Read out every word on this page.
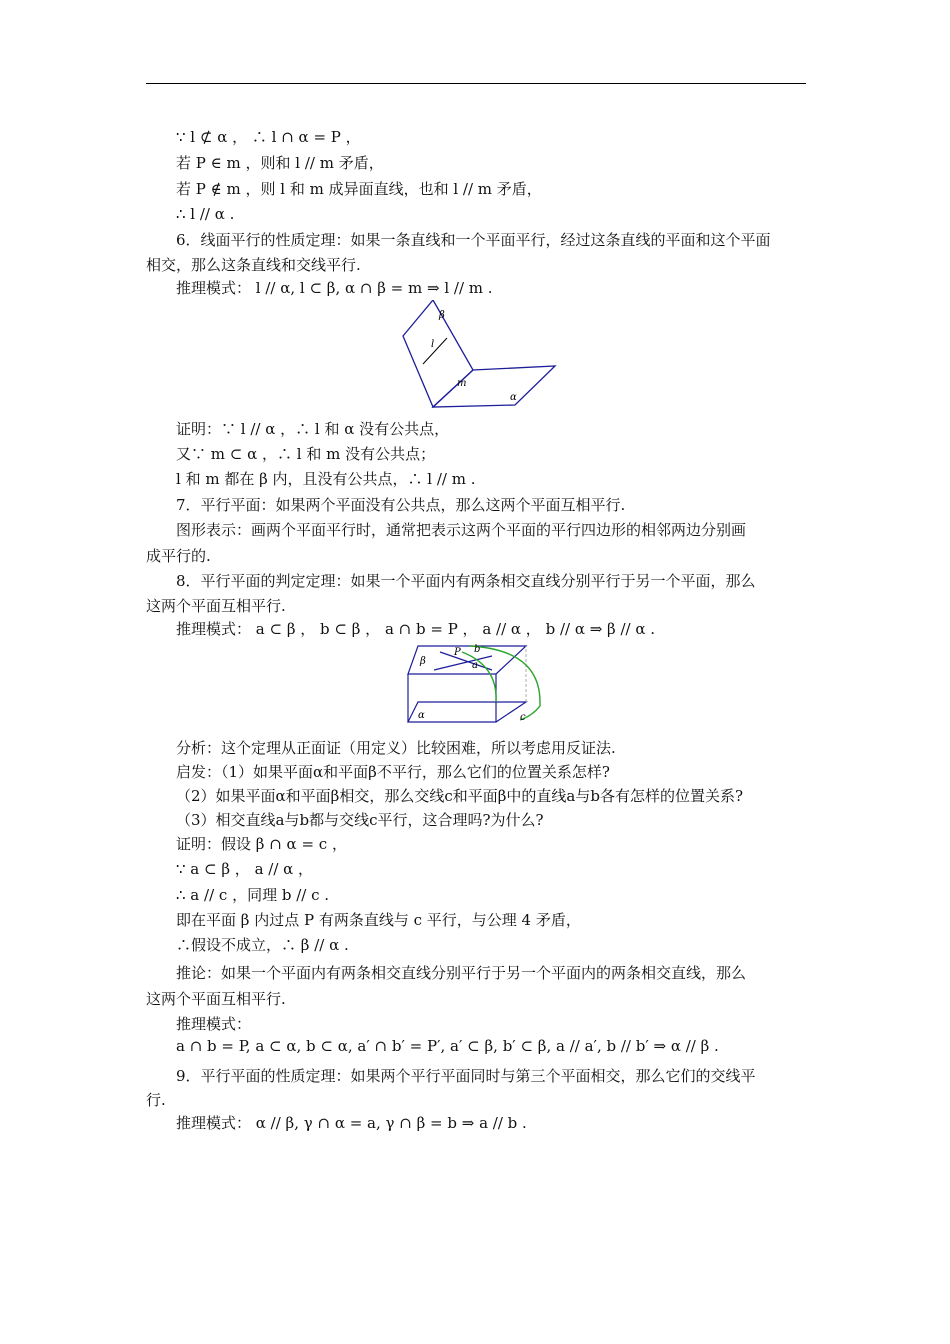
∵ l ⊄ α ， ∴ l ∩ α = P ，
若 P ∈ m ，则和 l // m 矛盾，
若 P ∉ m ，则 l 和 m 成异面直线，也和 l // m 矛盾，
∴ l // α .
6．线面平行的性质定理：如果一条直线和一个平面平行，经过这条直线的平面和这个平面
相交，那么这条直线和交线平行.
推理模式： l // α, l ⊂ β, α ∩ β = m ⇒ l // m .
β
l
m
α
证明：∵ l // α ，∴ l 和 α 没有公共点，
又∵ m ⊂ α ，∴ l 和 m 没有公共点；
l 和 m 都在 β 内，且没有公共点，∴ l // m .
7．平行平面：如果两个平面没有公共点，那么这两个平面互相平行.
图形表示：画两个平面平行时，通常把表示这两个平面的平行四边形的相邻两边分别画
成平行的.
8．平行平面的判定定理：如果一个平面内有两条相交直线分别平行于另一个平面，那么
这两个平面互相平行.
推理模式： a ⊂ β ， b ⊂ β ， a ∩ b = P ， a // α ， b // α ⇒ β // α .
β
P b
a
α	c
分析：这个定理从正面证（用定义）比较困难，所以考虑用反证法.
启发：（1）如果平面α和平面β不平行，那么它们的位置关系怎样?
（2）如果平面α和平面β相交，那么交线c和平面β中的直线a与b各有怎样的位置关系?
（3）相交直线a与b都与交线c平行，这合理吗?为什么?
证明：假设 β ∩ α = c ，
∵ a ⊂ β ， a // α ，
∴ a // c ，同理 b // c .
即在平面 β 内过点 P 有两条直线与 c 平行，与公理 4 矛盾，
∴假设不成立，∴ β // α .
推论：如果一个平面内有两条相交直线分别平行于另一个平面内的两条相交直线，那么
这两个平面互相平行.
推理模式：
a ∩ b = P, a ⊂ α, b ⊂ α, a′ ∩ b′ = P′, a′ ⊂ β, b′ ⊂ β, a // a′, b // b′ ⇒ α // β .
9．平行平面的性质定理：如果两个平行平面同时与第三个平面相交，那么它们的交线平
行.
推理模式： α // β, γ ∩ α = a, γ ∩ β = b ⇒ a // b .
